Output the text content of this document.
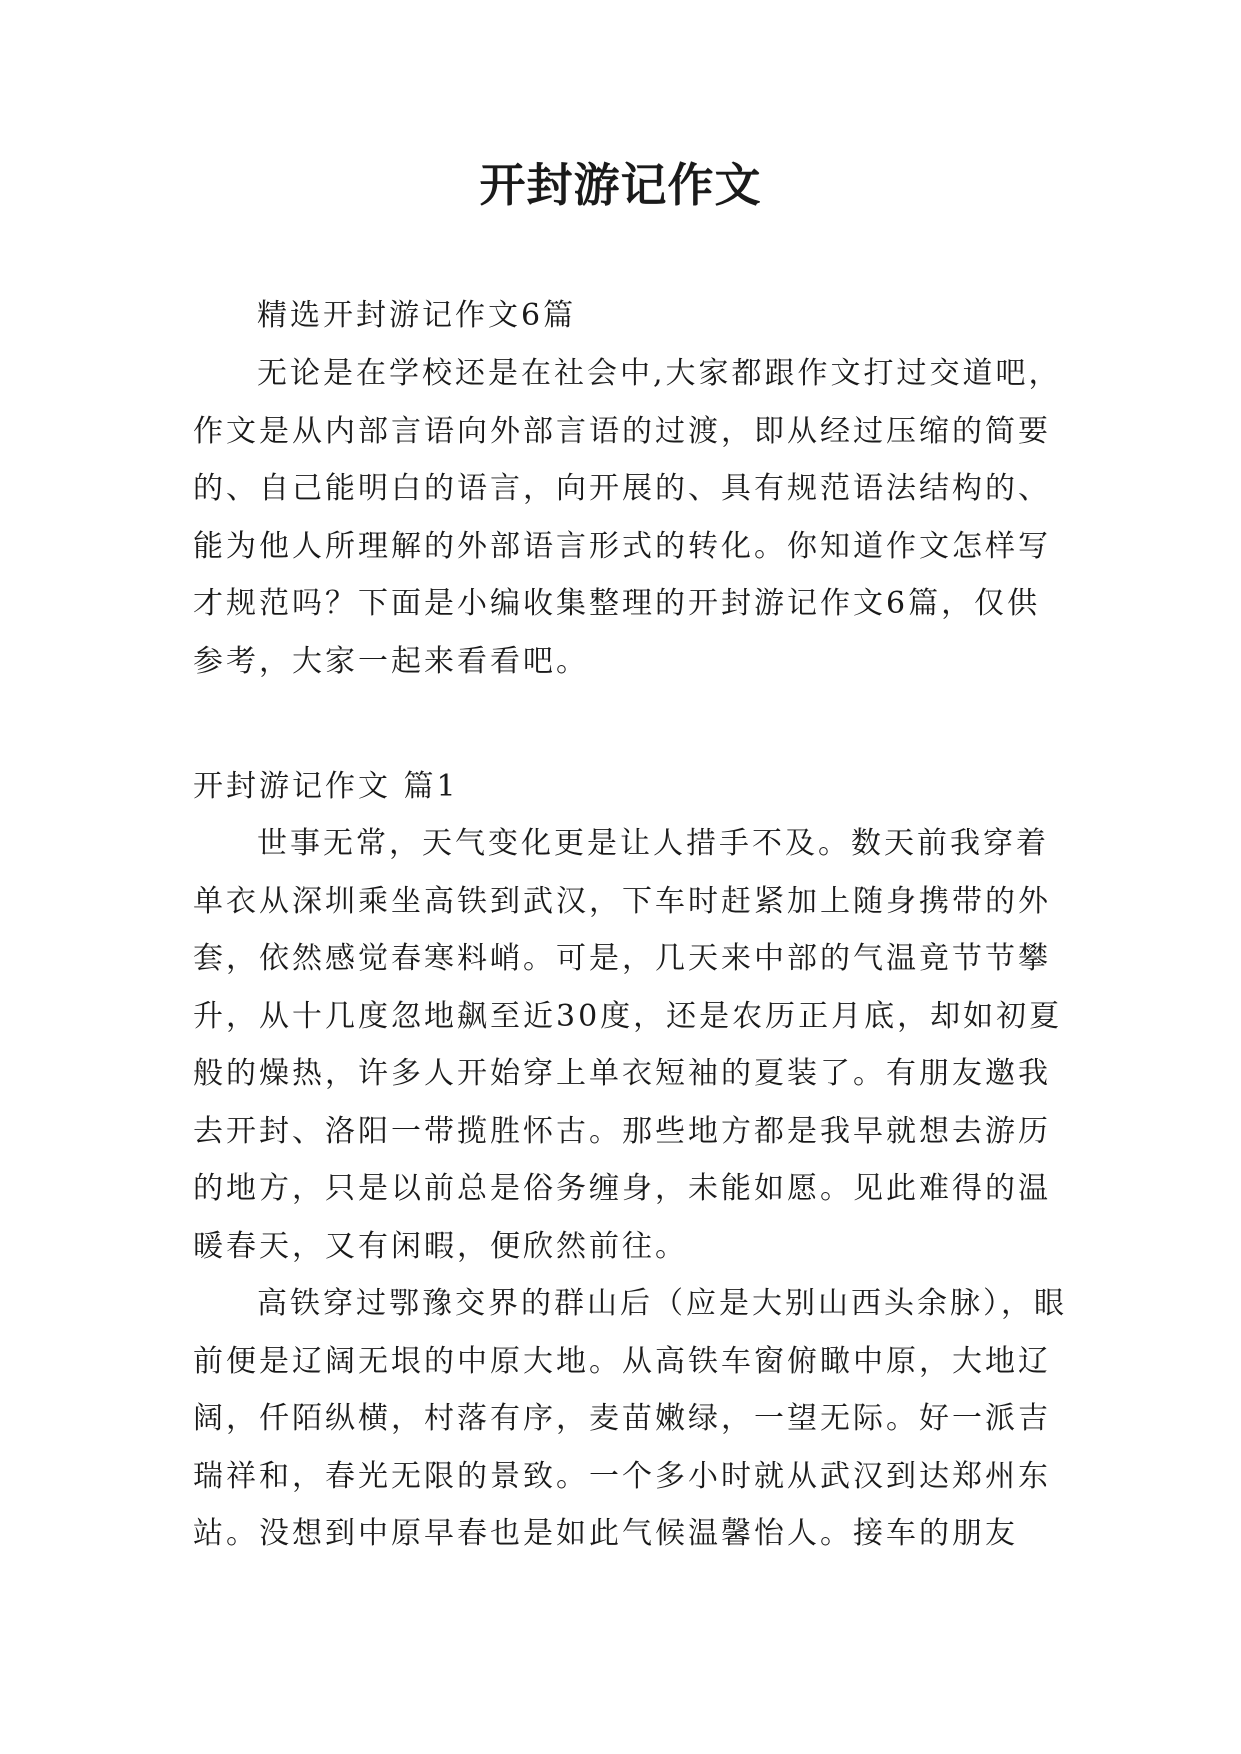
开封游记作文
精选开封游记作文6篇

无论是在学校还是在社会中,大家都跟作文打过交道吧，作文是从内部言语向外部言语的过渡，即从经过压缩的简要的、自己能明白的语言，向开展的、具有规范语法结构的、能为他人所理解的外部语言形式的转化。你知道作文怎样写才规范吗？下面是小编收集整理的开封游记作文6篇，仅供参考，大家一起来看看吧。

开封游记作文 篇1

世事无常，天气变化更是让人措手不及。数天前我穿着单衣从深圳乘坐高铁到武汉，下车时赶紧加上随身携带的外套，依然感觉春寒料峭。可是，几天来中部的气温竟节节攀升，从十几度忽地飙至近30度，还是农历正月底，却如初夏般的燥热，许多人开始穿上单衣短袖的夏装了。有朋友邀我去开封、洛阳一带揽胜怀古。那些地方都是我早就想去游历的地方，只是以前总是俗务缠身，未能如愿。见此难得的温暖春天，又有闲暇，便欣然前往。

高铁穿过鄂豫交界的群山后（应是大别山西头余脉），眼前便是辽阔无垠的中原大地。从高铁车窗俯瞰中原，大地辽阔，仟陌纵横，村落有序，麦苗嫩绿，一望无际。好一派吉瑞祥和，春光无限的景致。一个多小时就从武汉到达郑州东站。没想到中原早春也是如此气候温馨怡人。接车的朋友
